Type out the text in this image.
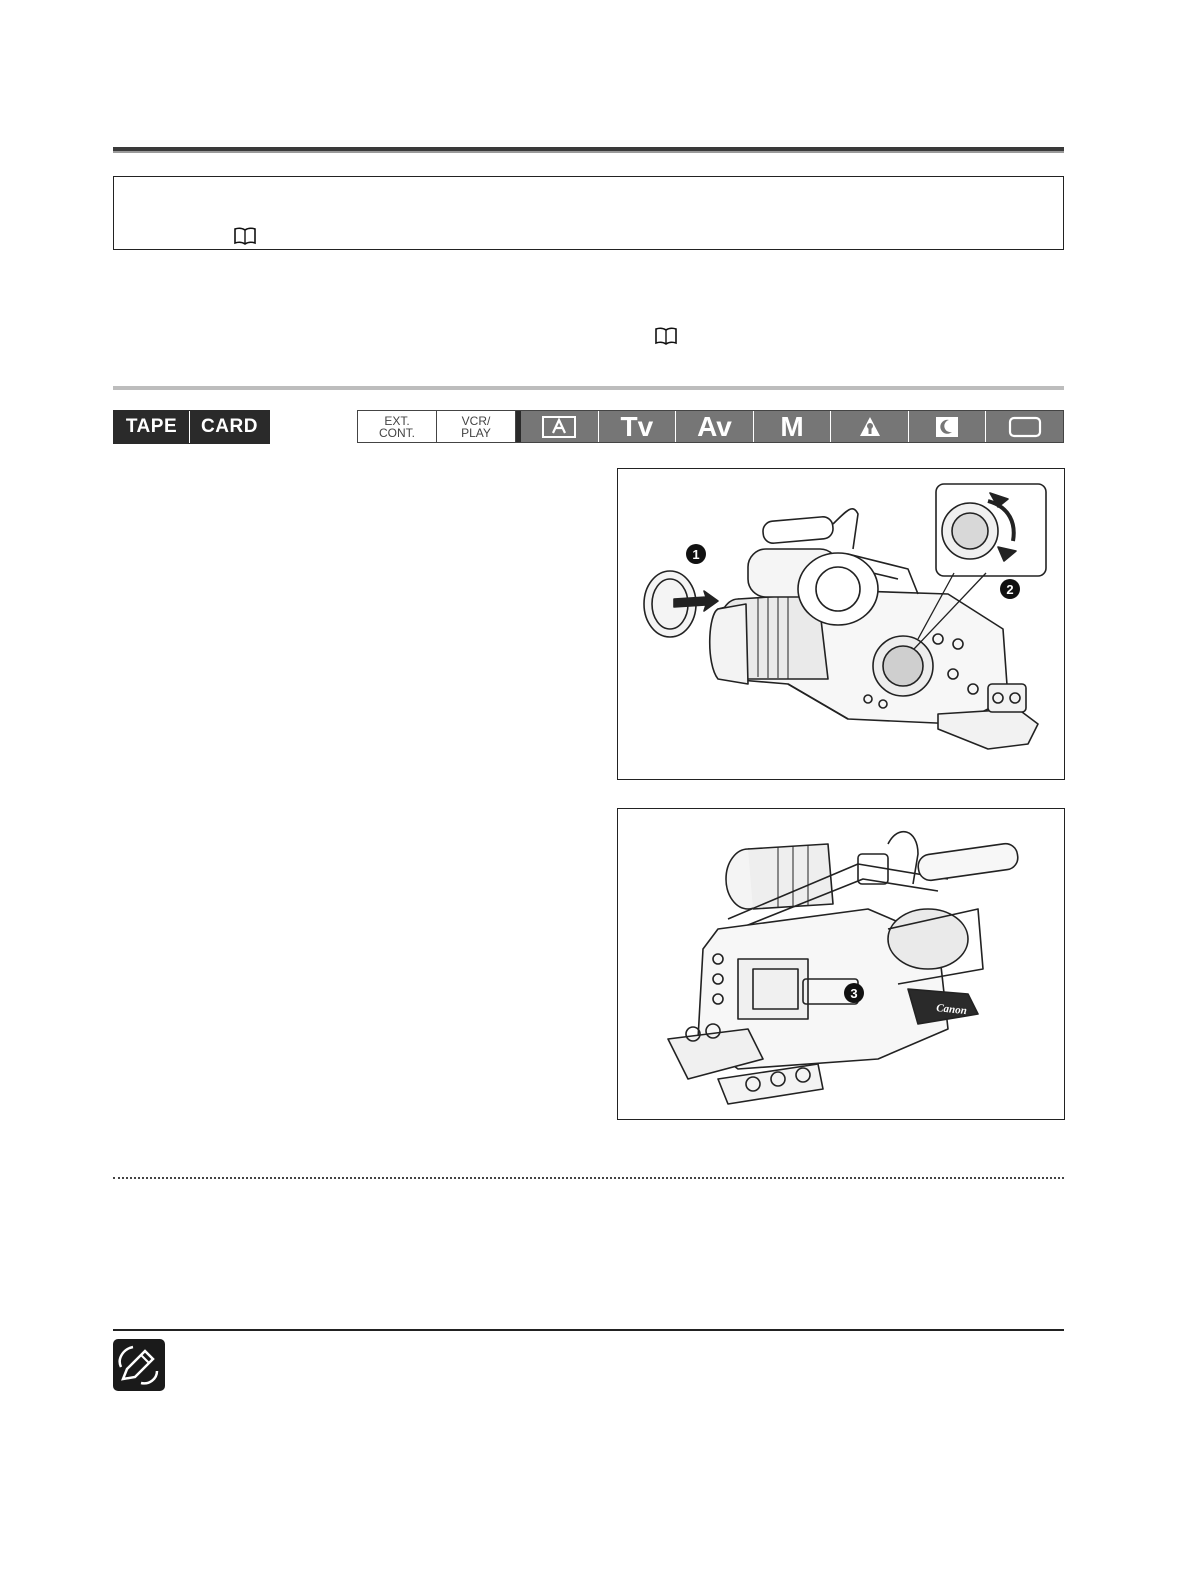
TAPE	CARD	EXT.
CONT.
VCR/
PLAY	Tv	Av	M
1
2
3
Canon
